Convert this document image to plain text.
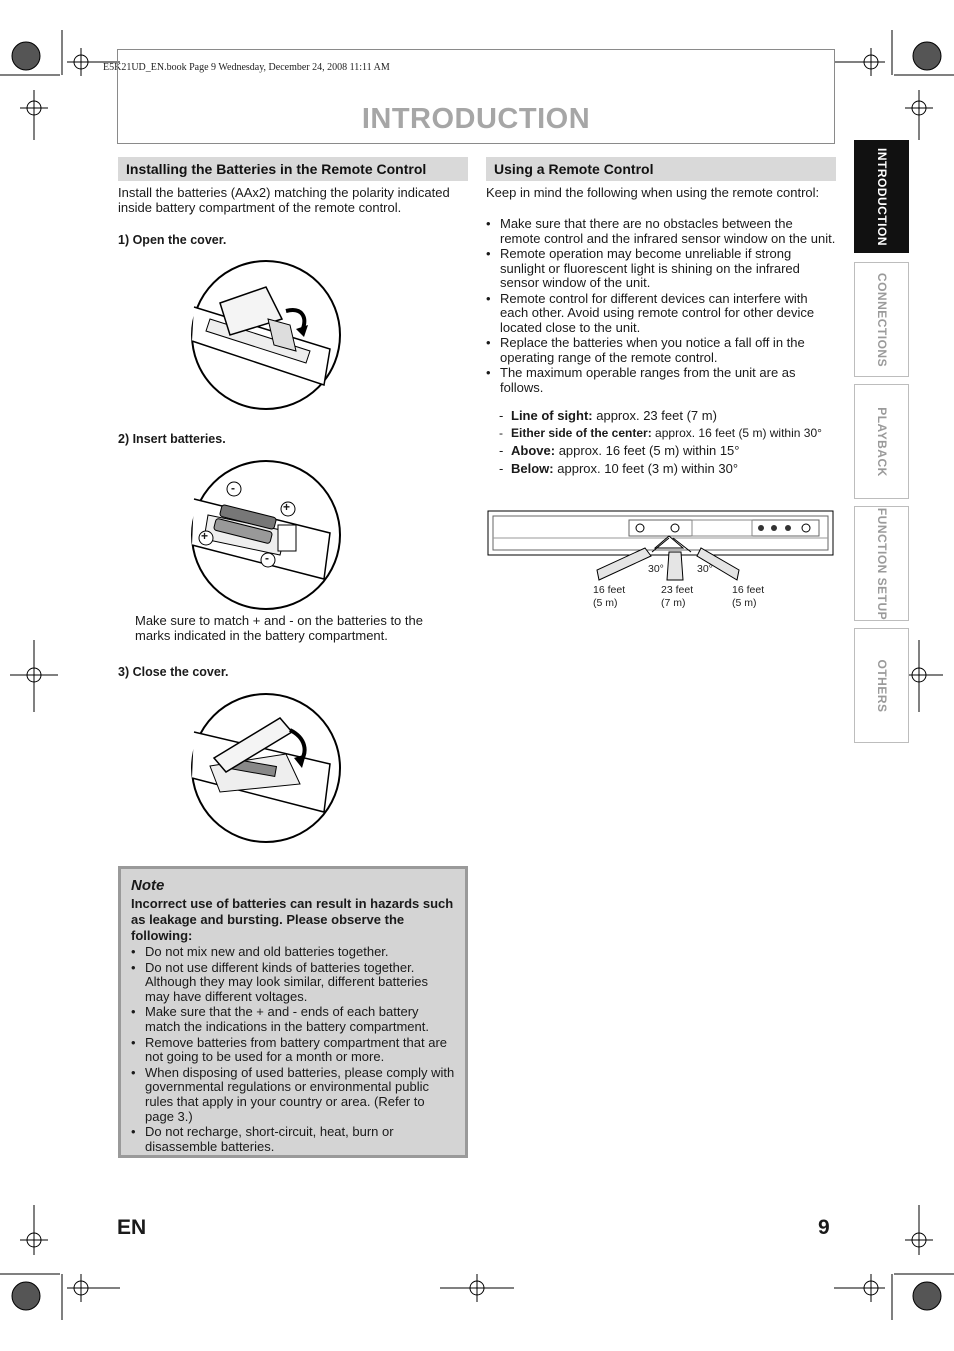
E5K21UD_EN.book Page 9 Wednesday, December 24, 2008 11:11 AM
INTRODUCTION
Installing the Batteries in the Remote Control
Install the batteries (AAx2) matching the polarity indicated inside battery compartment of the remote control.
1) Open the cover.
2) Insert batteries.
-
+
+
-
Make sure to match + and - on the batteries to the marks indicated in the battery compartment.
3) Close the cover.
Note
Incorrect use of batteries can result in hazards such as leakage and bursting. Please observe the following:
• Do not mix new and old batteries together.
• Do not use different kinds of batteries together. Although they may look similar, different batteries may have different voltages.
• Make sure that the + and - ends of each battery match the indications in the battery compartment.
• Remove batteries from battery compartment that are not going to be used for a month or more.
• When disposing of used batteries, please comply with governmental regulations or environmental public rules that apply in your country or area. (Refer to page 3.)
• Do not recharge, short-circuit, heat, burn or disassemble batteries.
Using a Remote Control
Keep in mind the following when using the remote control:
• Make sure that there are no obstacles between the remote control and the infrared sensor window on the unit.
• Remote operation may become unreliable if strong sunlight or fluorescent light is shining on the infrared sensor window of the unit.
• Remote control for different devices can interfere with each other. Avoid using remote control for other device located close to the unit.
• Replace the batteries when you notice a fall off in the operating range of the remote control.
• The maximum operable ranges from the unit are as follows.
- Line of sight: approx. 23 feet (7 m)
- Either side of the center: approx. 16 feet (5 m) within 30°
- Above: approx. 16 feet (5 m) within 15°
- Below: approx. 10 feet (3 m) within 30°
30°	30°
16 feet
(5 m)
23 feet
(7 m)
16 feet
(5 m)
INTRODUCTION
CONNECTIONS
PLAYBACK
FUNCTION SETUP
OTHERS
EN	9
